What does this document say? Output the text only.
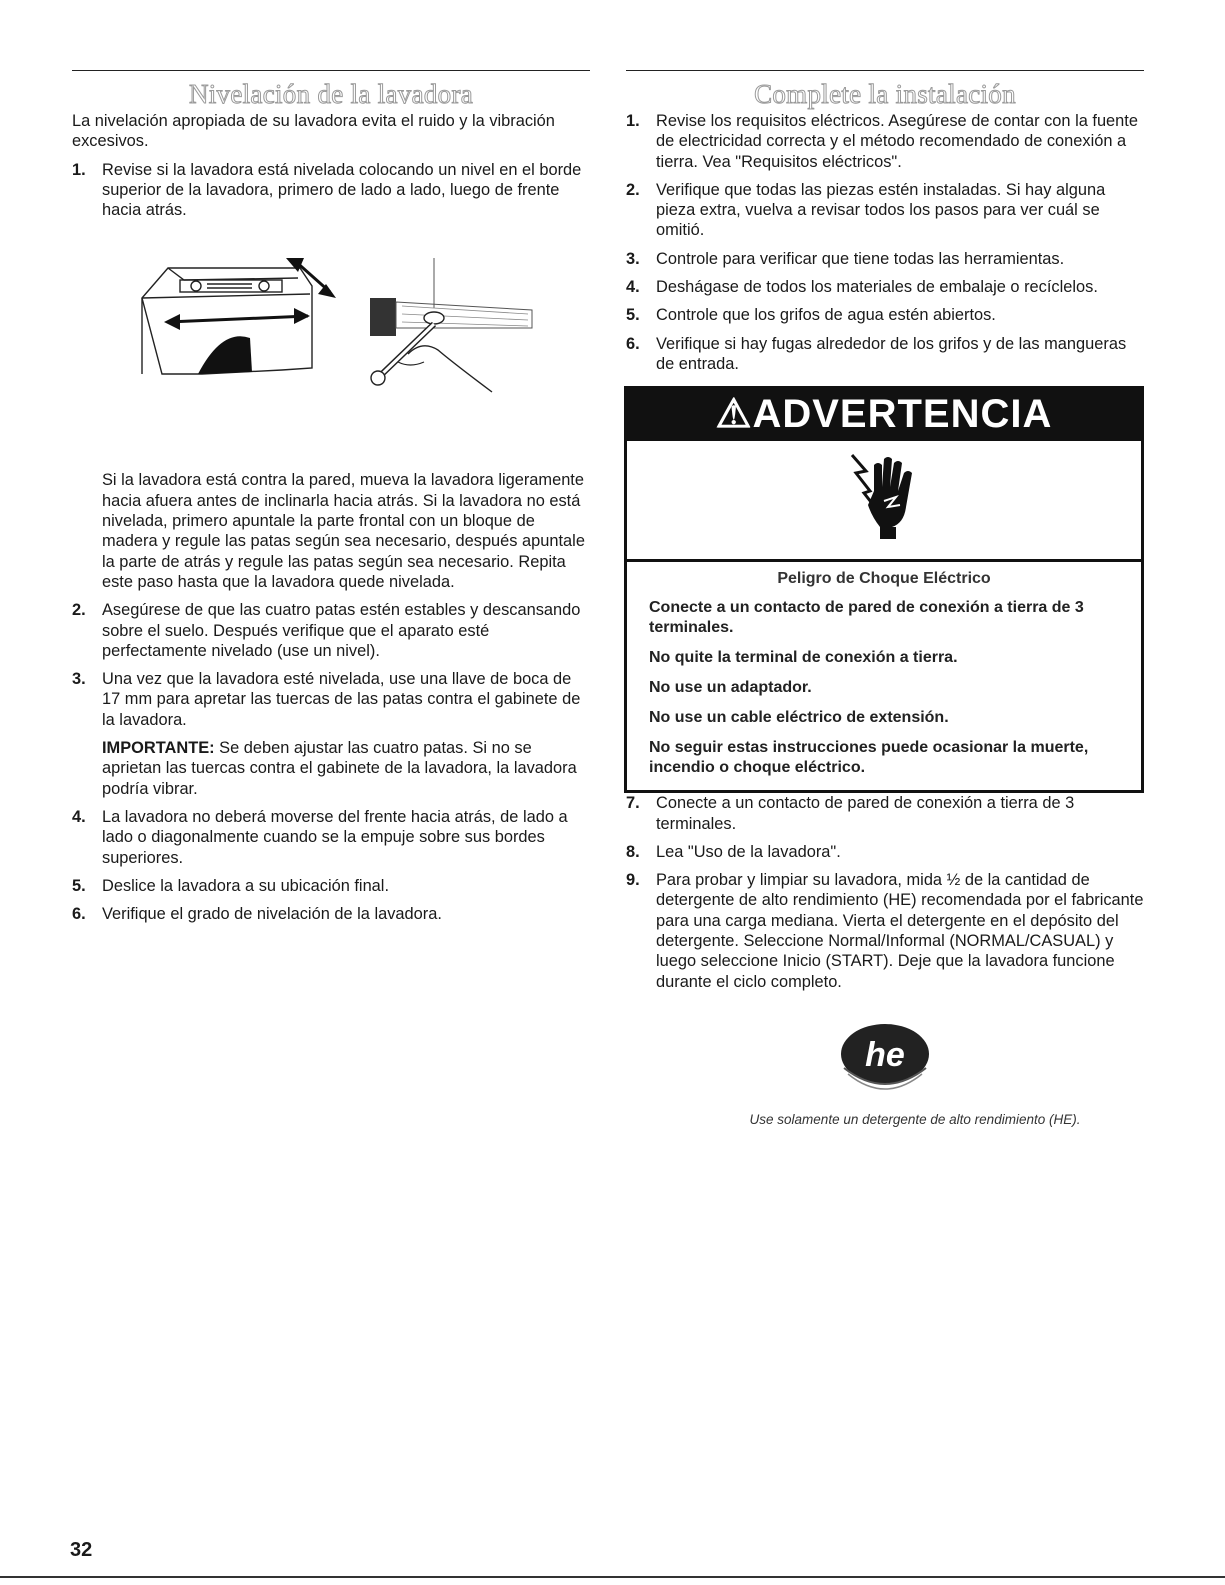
Nivelación de la lavadora

La nivelación apropiada de su lavadora evita el ruido y la vibración excesivos.

1. Revise si la lavadora está nivelada colocando un nivel en el borde superior de la lavadora, primero de lado a lado, luego de frente hacia atrás.

Si la lavadora está contra la pared, mueva la lavadora ligeramente hacia afuera antes de inclinarla hacia atrás. Si la lavadora no está nivelada, primero apuntale la parte frontal con un bloque de madera y regule las patas según sea necesario, después apuntale la parte de atrás y regule las patas según sea necesario. Repita este paso hasta que la lavadora quede nivelada.

2. Asegúrese de que las cuatro patas estén estables y descansando sobre el suelo. Después verifique que el aparato esté perfectamente nivelado (use un nivel).
3. Una vez que la lavadora esté nivelada, use una llave de boca de 17 mm para apretar las tuercas de las patas contra el gabinete de la lavadora.

IMPORTANTE: Se deben ajustar las cuatro patas. Si no se aprietan las tuercas contra el gabinete de la lavadora, la lavadora podría vibrar.

4. La lavadora no deberá moverse del frente hacia atrás, de lado a lado o diagonalmente cuando se la empuje sobre sus bordes superiores.
5. Deslice la lavadora a su ubicación final.
6. Verifique el grado de nivelación de la lavadora.
Complete la instalación
1. Revise los requisitos eléctricos. Asegúrese de contar con la fuente de electricidad correcta y el método recomendado de conexión a tierra. Vea "Requisitos eléctricos".
2. Verifique que todas las piezas estén instaladas. Si hay alguna pieza extra, vuelva a revisar todos los pasos para ver cuál se omitió.
3. Controle para verificar que tiene todas las herramientas.
4. Deshágase de todos los materiales de embalaje o recíclelos.
5. Controle que los grifos de agua estén abiertos.
6. Verifique si hay fugas alrededor de los grifos y de las mangueras de entrada.
⚠ADVERTENCIA
Peligro de Choque Eléctrico
Conecte a un contacto de pared de conexión a tierra de 3 terminales.
No quite la terminal de conexión a tierra.
No use un adaptador.
No use un cable eléctrico de extensión.
No seguir estas instrucciones puede ocasionar la muerte, incendio o choque eléctrico.
7. Conecte a un contacto de pared de conexión a tierra de 3 terminales.
8. Lea "Uso de la lavadora".
9. Para probar y limpiar su lavadora, mida ½ de la cantidad de detergente de alto rendimiento (HE) recomendada por el fabricante para una carga mediana. Vierta el detergente en el depósito del detergente. Seleccione Normal/Informal (NORMAL/CASUAL) y luego seleccione Inicio (START). Deje que la lavadora funcione durante el ciclo completo.
he
Use solamente un detergente de alto rendimiento (HE).
32
